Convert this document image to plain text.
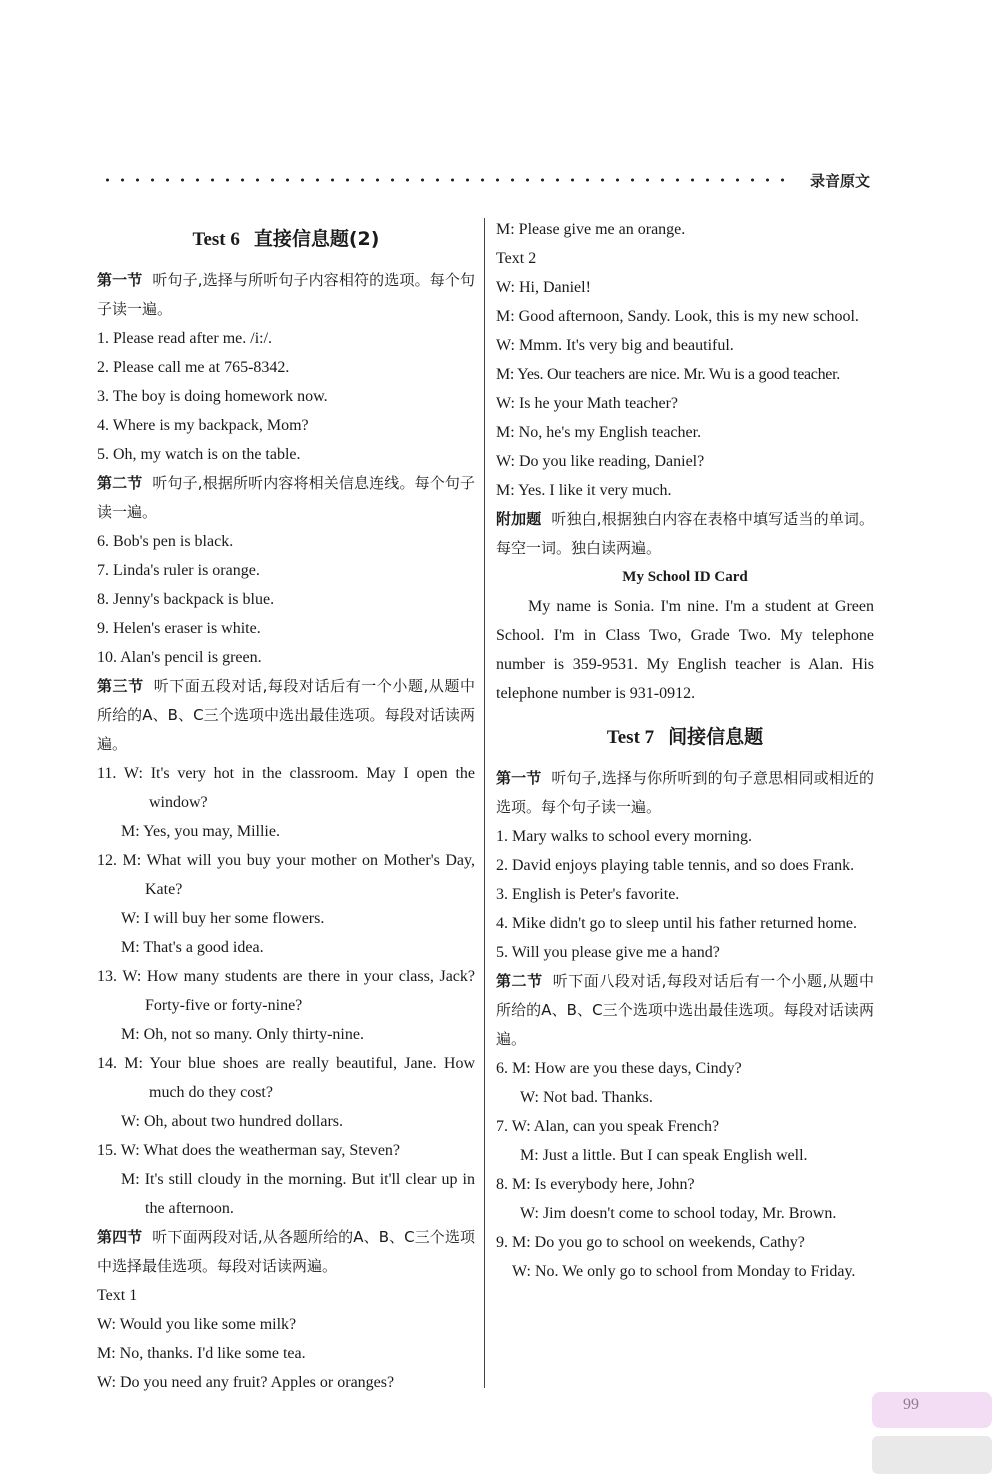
录音原文
Test 6 直接信息题(2)
第一节 听句子,选择与所听句子内容相符的选项。每个句子读一遍。
1. Please read after me. /i:/.
2. Please call me at 765-8342.
3. The boy is doing homework now.
4. Where is my backpack, Mom?
5. Oh, my watch is on the table.
第二节 听句子,根据所听内容将相关信息连线。每个句子读一遍。
6. Bob's pen is black.
7. Linda's ruler is orange.
8. Jenny's backpack is blue.
9. Helen's eraser is white.
10. Alan's pencil is green.
第三节 听下面五段对话,每段对话后有一个小题,从题中所给的A、B、C三个选项中选出最佳选项。每段对话读两遍。
11. W: It's very hot in the classroom. May I open the window?
M: Yes, you may, Millie.
12. M: What will you buy your mother on Mother's Day, Kate?
W: I will buy her some flowers.
M: That's a good idea.
13. W: How many students are there in your class, Jack? Forty-five or forty-nine?
M: Oh, not so many. Only thirty-nine.
14. M: Your blue shoes are really beautiful, Jane. How much do they cost?
W: Oh, about two hundred dollars.
15. W: What does the weatherman say, Steven?
M: It's still cloudy in the morning. But it'll clear up in the afternoon.
第四节 听下面两段对话,从各题所给的A、B、C三个选项中选择最佳选项。每段对话读两遍。
Text 1
W: Would you like some milk?
M: No, thanks. I'd like some tea.
W: Do you need any fruit? Apples or oranges?
M: Please give me an orange.
Text 2
W: Hi, Daniel!
M: Good afternoon, Sandy. Look, this is my new school.
W: Mmm. It's very big and beautiful.
M: Yes. Our teachers are nice. Mr. Wu is a good teacher.
W: Is he your Math teacher?
M: No, he's my English teacher.
W: Do you like reading, Daniel?
M: Yes. I like it very much.
附加题 听独白,根据独白内容在表格中填写适当的单词。每空一词。独白读两遍。
My School ID Card
My name is Sonia. I'm nine. I'm a student at Green School. I'm in Class Two, Grade Two. My telephone number is 359-9531. My English teacher is Alan. His telephone number is 931-0912.
Test 7 间接信息题
第一节 听句子,选择与你所听到的句子意思相同或相近的选项。每个句子读一遍。
1. Mary walks to school every morning.
2. David enjoys playing table tennis, and so does Frank.
3. English is Peter's favorite.
4. Mike didn't go to sleep until his father returned home.
5. Will you please give me a hand?
第二节 听下面八段对话,每段对话后有一个小题,从题中所给的A、B、C三个选项中选出最佳选项。每段对话读两遍。
6. M: How are you these days, Cindy?
W: Not bad. Thanks.
7. W: Alan, can you speak French?
M: Just a little. But I can speak English well.
8. M: Is everybody here, John?
W: Jim doesn't come to school today, Mr. Brown.
9. M: Do you go to school on weekends, Cathy?
W: No. We only go to school from Monday to Friday.
